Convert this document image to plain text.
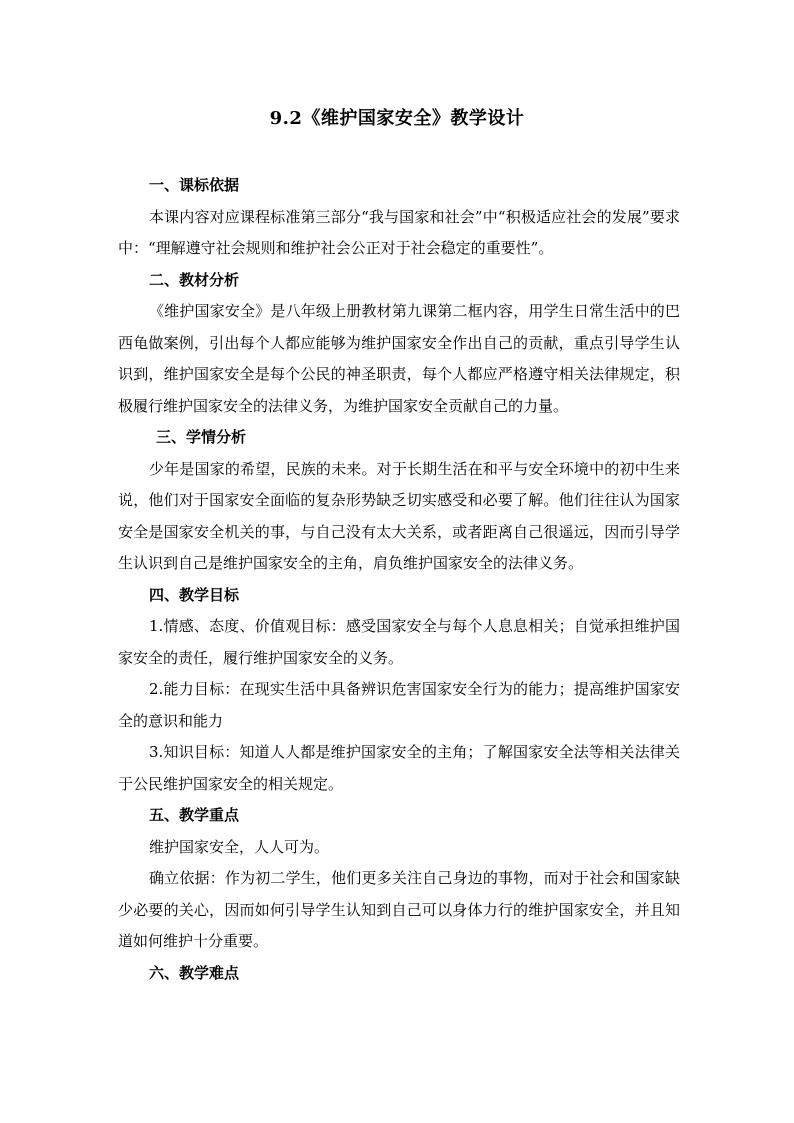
9.2《维护国家安全》教学设计
一、课标依据
本课内容对应课程标准第三部分“我与国家和社会”中“积极适应社会的发展”要求中：“理解遵守社会规则和维护社会公正对于社会稳定的重要性”。
二、教材分析
《维护国家安全》是八年级上册教材第九课第二框内容，用学生日常生活中的巴西龟做案例，引出每个人都应能够为维护国家安全作出自己的贡献，重点引导学生认识到，维护国家安全是每个公民的神圣职责，每个人都应严格遵守相关法律规定，积极履行维护国家安全的法律义务，为维护国家安全贡献自己的力量。
三、学情分析
少年是国家的希望，民族的未来。对于长期生活在和平与安全环境中的初中生来说，他们对于国家安全面临的复杂形势缺乏切实感受和必要了解。他们往往认为国家安全是国家安全机关的事，与自己没有太大关系，或者距离自己很遥远，因而引导学生认识到自己是维护国家安全的主角，肩负维护国家安全的法律义务。
四、教学目标
1.情感、态度、价值观目标：感受国家安全与每个人息息相关；自觉承担维护国家安全的责任，履行维护国家安全的义务。
2.能力目标：在现实生活中具备辨识危害国家安全行为的能力；提高维护国家安全的意识和能力
3.知识目标：知道人人都是维护国家安全的主角；了解国家安全法等相关法律关于公民维护国家安全的相关规定。
五、教学重点
维护国家安全，人人可为。
确立依据：作为初二学生，他们更多关注自己身边的事物，而对于社会和国家缺少必要的关心，因而如何引导学生认知到自己可以身体力行的维护国家安全，并且知道如何维护十分重要。
六、教学难点
